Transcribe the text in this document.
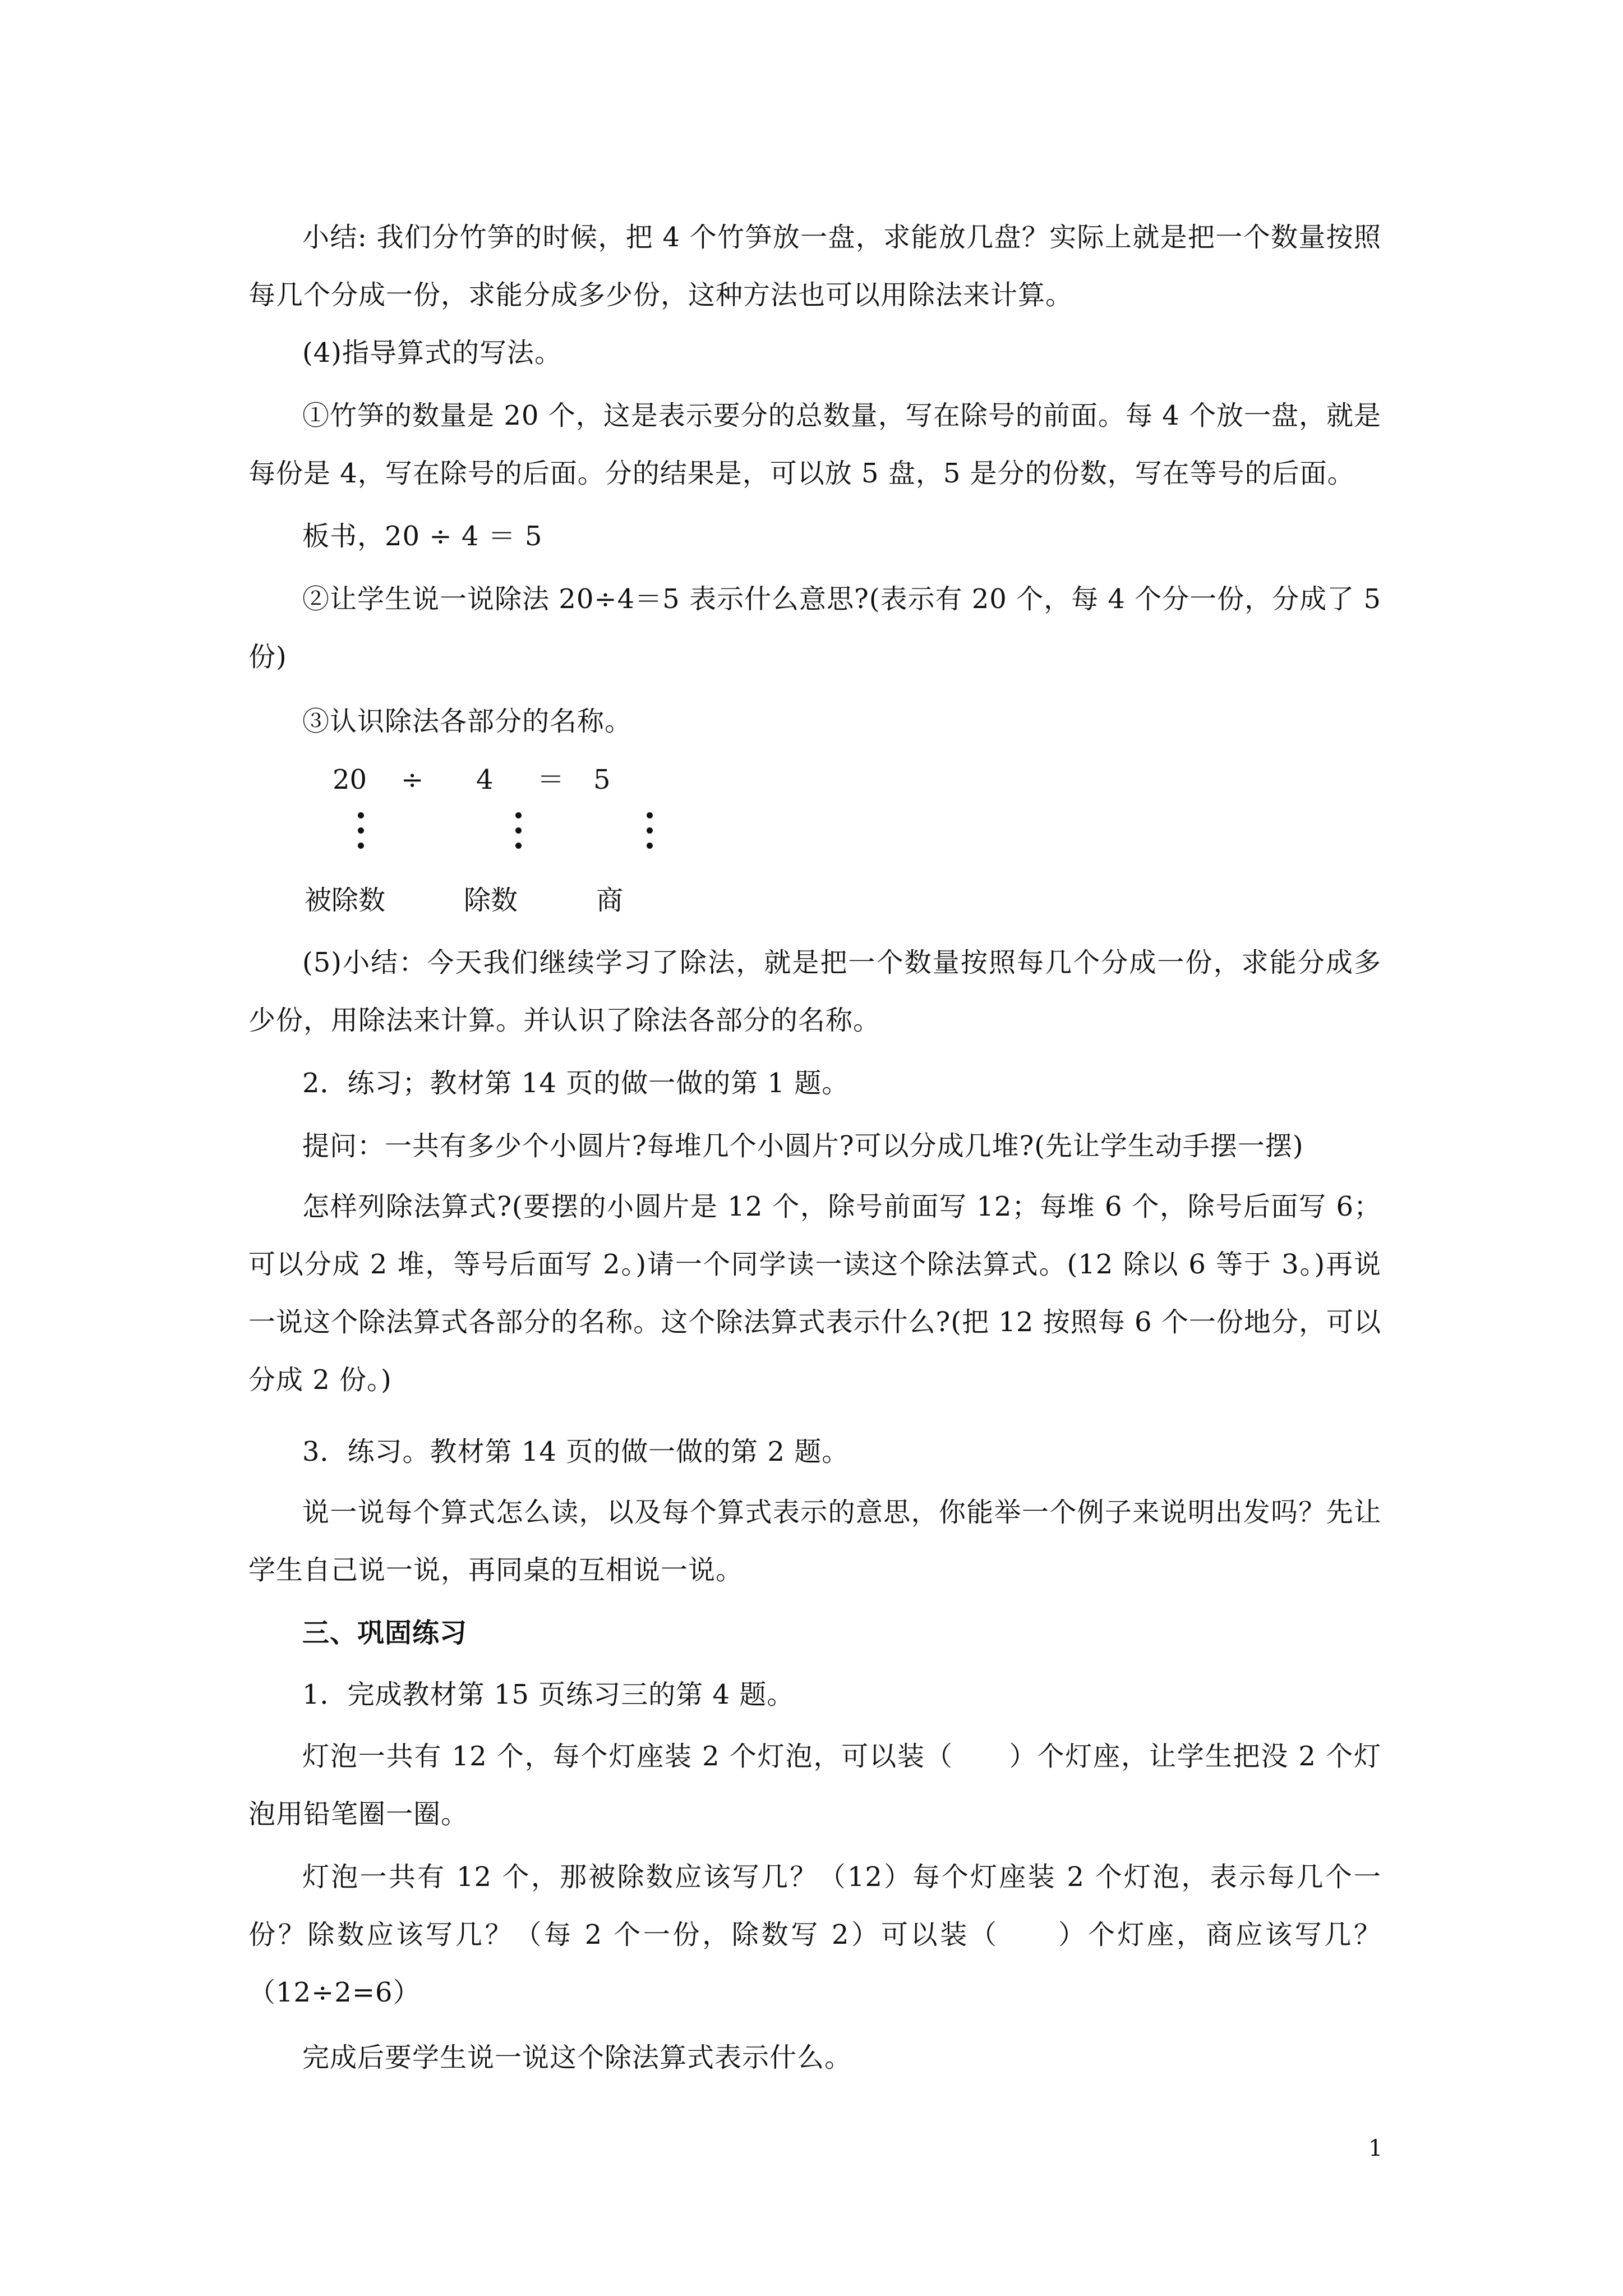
小结: 我们分竹笋的时候，把 4 个竹笋放一盘，求能放几盘？实际上就是把一个数量按照每几个分成一份，求能分成多少份，这种方法也可以用除法来计算。

(4)指导算式的写法。

①竹笋的数量是 20 个，这是表示要分的总数量，写在除号的前面。每 4 个放一盘，就是每份是 4，写在除号的后面。分的结果是，可以放 5 盘，5 是分的份数，写在等号的后面。

板书，20 ÷ 4 ＝ 5

②让学生说一说除法 20÷4＝5 表示什么意思?(表示有 20 个，每 4 个分一份，分成了 5 份)

③认识除法各部分的名称。

20 ÷ 4 ＝ 5
被除数	除数	商

(5)小结：今天我们继续学习了除法，就是把一个数量按照每几个分成一份，求能分成多少份，用除法来计算。并认识了除法各部分的名称。

2．练习；教材第 14 页的做一做的第 1 题。

提问：一共有多少个小圆片?每堆几个小圆片?可以分成几堆?(先让学生动手摆一摆)

怎样列除法算式?(要摆的小圆片是 12 个，除号前面写 12；每堆 6 个，除号后面写 6；可以分成 2 堆，等号后面写 2。)请一个同学读一读这个除法算式。(12 除以 6 等于 3。)再说一说这个除法算式各部分的名称。这个除法算式表示什么?(把 12 按照每 6 个一份地分，可以分成 2 份。)

3．练习。教材第 14 页的做一做的第 2 题。

说一说每个算式怎么读，以及每个算式表示的意思，你能举一个例子来说明出发吗？先让学生自己说一说，再同桌的互相说一说。

三、巩固练习

1．完成教材第 15 页练习三的第 4 题。

灯泡一共有 12 个，每个灯座装 2 个灯泡，可以装（　　）个灯座，让学生把没 2 个灯泡用铅笔圈一圈。

灯泡一共有 12 个，那被除数应该写几？（12）每个灯座装 2 个灯泡，表示每几个一份？除数应该写几？（每 2 个一份，除数写 2）可以装（　　）个灯座，商应该写几？（12÷2=6）

完成后要学生说一说这个除法算式表示什么。

1
